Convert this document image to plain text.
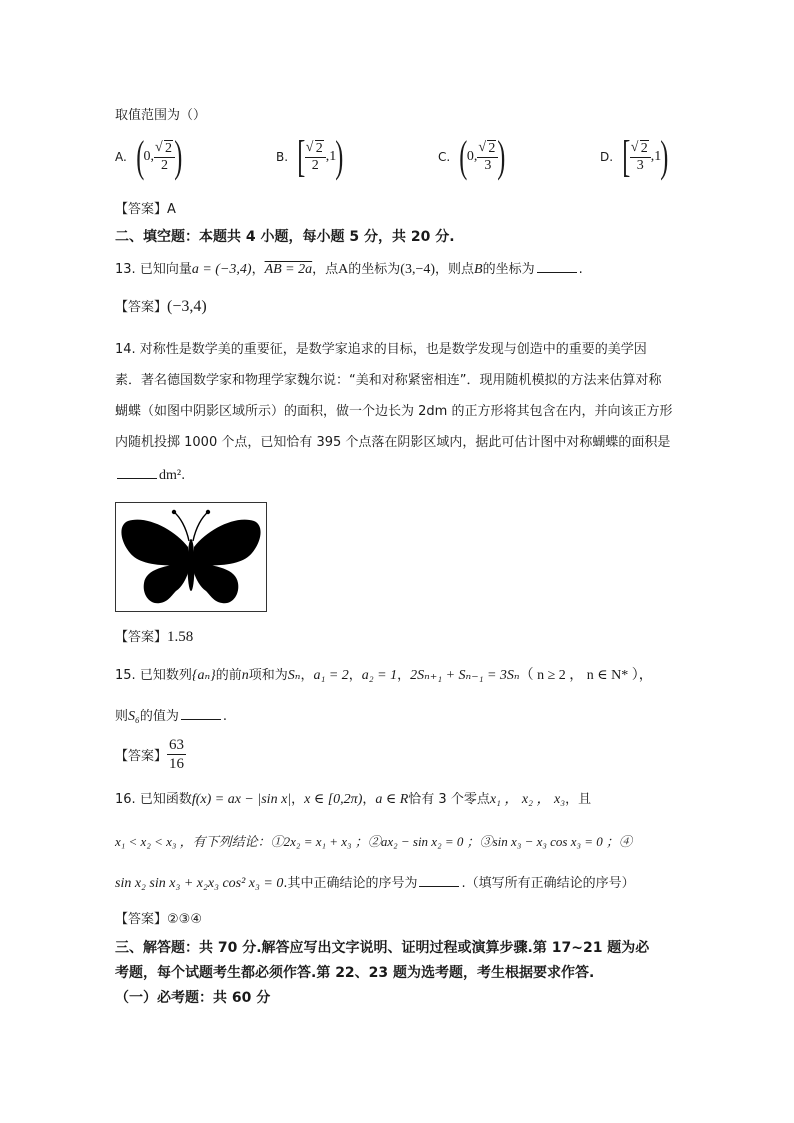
取值范围为（）
A. ( 0, √ $\frac{2}{2}$ )	B. [ √ $\frac{2}{2} ,1$ )	C. ( 0, √ $\frac{2}{3}$ )	D. [ √ $\frac{2}{3} ,1$ )
【答案】A
二、填空题：本题共 4 小题，每小题 5 分，共 20 分.
13. 已知向量a = (−3,4)，AB = 2a，点A的坐标为(3,−4)，则点B的坐标为	.
【答案】(−3,4)
14. 对称性是数学美的重要征，是数学家追求的目标，也是数学发现与创造中的重要的美学因
素．著名德国数学家和物理学家魏尔说：“美和对称紧密相连”．现用随机模拟的方法来估算对称
蝴蝶（如图中阴影区域所示）的面积，做一个边长为 2dm 的正方形将其包含在内，并向该正方形
内随机投掷 1000 个点，已知恰有 395 个点落在阴影区域内，据此可估计图中对称蝴蝶的面积是
dm².
【答案】1.58
15. 已知数列{aₙ}的前n项和为Sₙ，a₁ = 2，a₂ = 1，2Sₙ₊₁ + Sₙ₋₁ = 3Sₙ（ n ≥ 2 ， n ∈ N* ），
则S₆的值为	.
【答案】 $\frac{63}{16}$
16. 已知函数f(x) = ax − |sin x|，x ∈ [0,2π)，a ∈ R恰有 3 个零点x₁ ， x₂ ， x₃，且
x₁ < x₂ < x₃ ，有下列结论：①2x₂ = x₁ + x₃ ；②ax₂ − sin x₂ = 0 ；③sin x₃ − x₃ cos x₃ = 0 ；④
sin x₂ sin x₃ + x₂x₃ cos² x₃ = 0.其中正确结论的序号为	.（填写所有正确结论的序号）
【答案】②③④
三、解答题：共 70 分.解答应写出文字说明、证明过程或演算步骤.第 17~21 题为必
考题，每个试题考生都必须作答.第 22、23 题为选考题，考生根据要求作答.
（一）必考题：共 60 分
